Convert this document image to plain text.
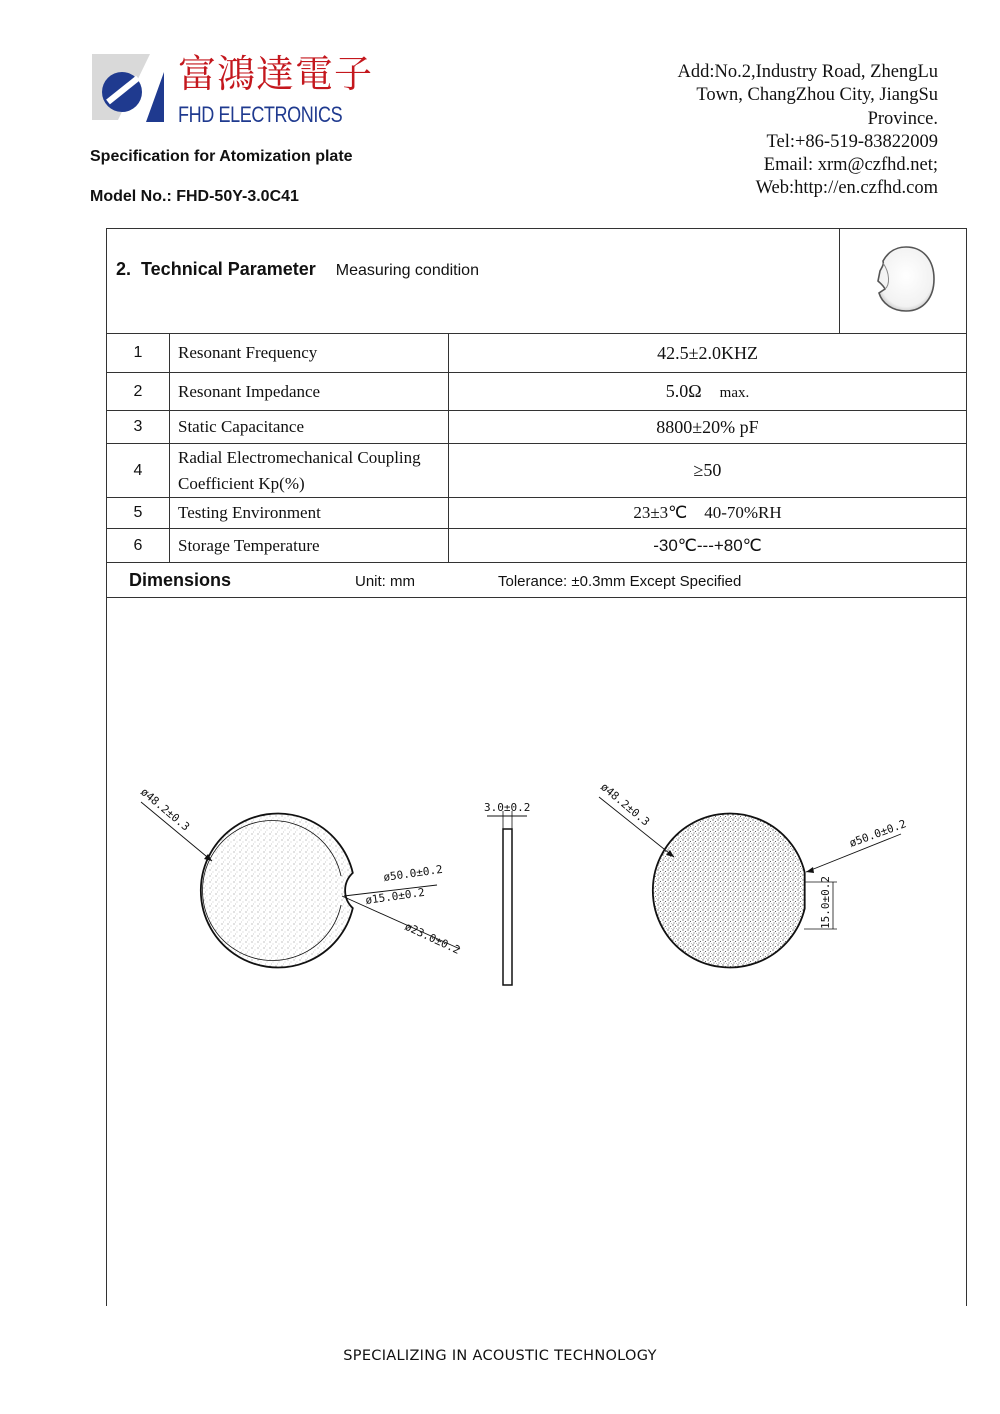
富鴻達電子
FHD ELECTRONICS
Specification for Atomization plate
Model No.: FHD-50Y-3.0C41
Add:No.2,Industry Road, ZhengLu
Town, ChangZhou City, JiangSu
Province.
Tel:+86-519-83822009
Email: xrm@czfhd.net;
Web:http://en.czfhd.com
2. Technical Parameter Measuring condition

1	Resonant Frequency	42.5±2.0KHZ	
2	Resonant Impedance	5.0Ω max.	
3	Static Capacitance	8800±20% pF	
4	Radial Electromechanical Coupling
Coefficient Kp(%)	≥50	
5	Testing Environment	23±3℃    40-70%RH	
6	Storage Temperature	-30℃---+80℃	
Dimensions Unit: mm Tolerance: ±0.3mm Except Specified			
ø48.2±0.3
ø50.0±0.2
ø15.0±0.2
ø23.0±0.2
3.0±0.2	ø48.2±0.3
ø50.0±0.2
15.0±0.2
SPECIALIZING IN ACOUSTIC TECHNOLOGY
